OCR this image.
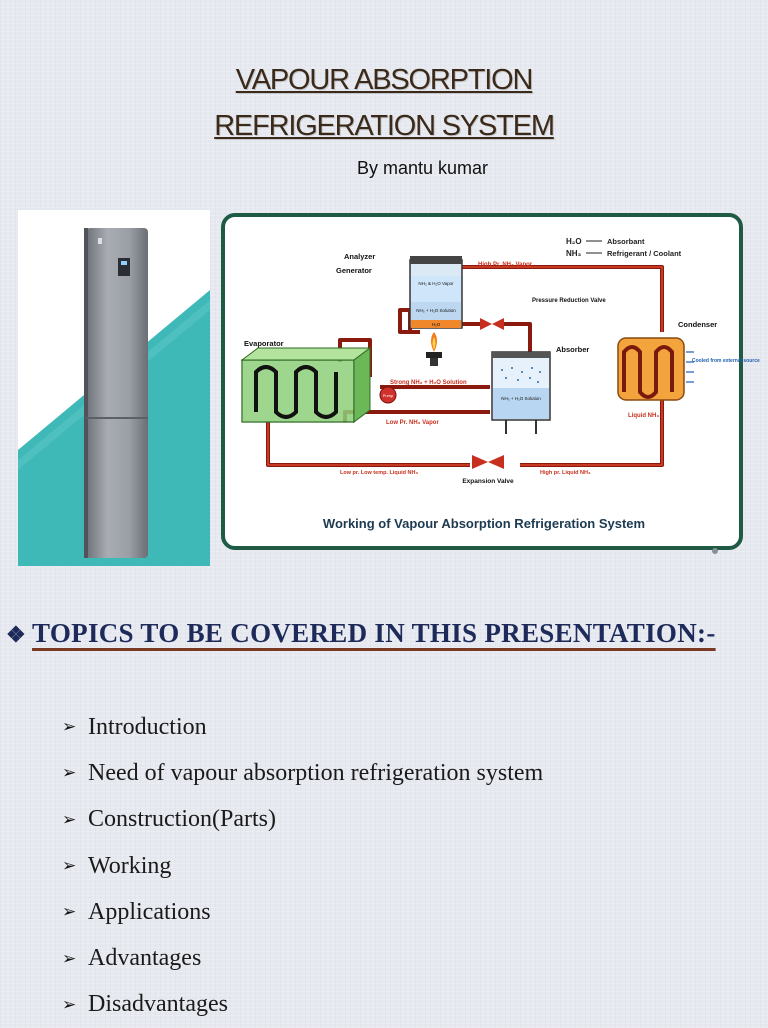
VAPOUR ABSORPTION
REFRIGERATION SYSTEM
By mantu kumar
H₂O	Absorbant
NH₃	Refrigerant / Coolant
NH₃ & H₂O Vapor
NH₃ + H₂O Solution
H₂O
NH₃ + H₂O Solution
Pump
Analyzer
Generator
Evaporator
Condenser
Absorber
Pressure Reduction Valve
Expansion Valve
High Pr. NH₃ Vapor
Strong NH₃ + H₂O Solution
Low Pr. NH₃ Vapor
Low pr. Low temp. Liquid NH₃	High pr. Liquid NH₃
Liquid NH₃
Cooled from external source
Working of Vapour Absorption Refrigeration System
❖ TOPICS TO BE COVERED IN THIS PRESENTATION:-
➢ Introduction
➢ Need of vapour absorption refrigeration system
➢ Construction(Parts)
➢ Working
➢ Applications
➢ Advantages
➢ Disadvantages
